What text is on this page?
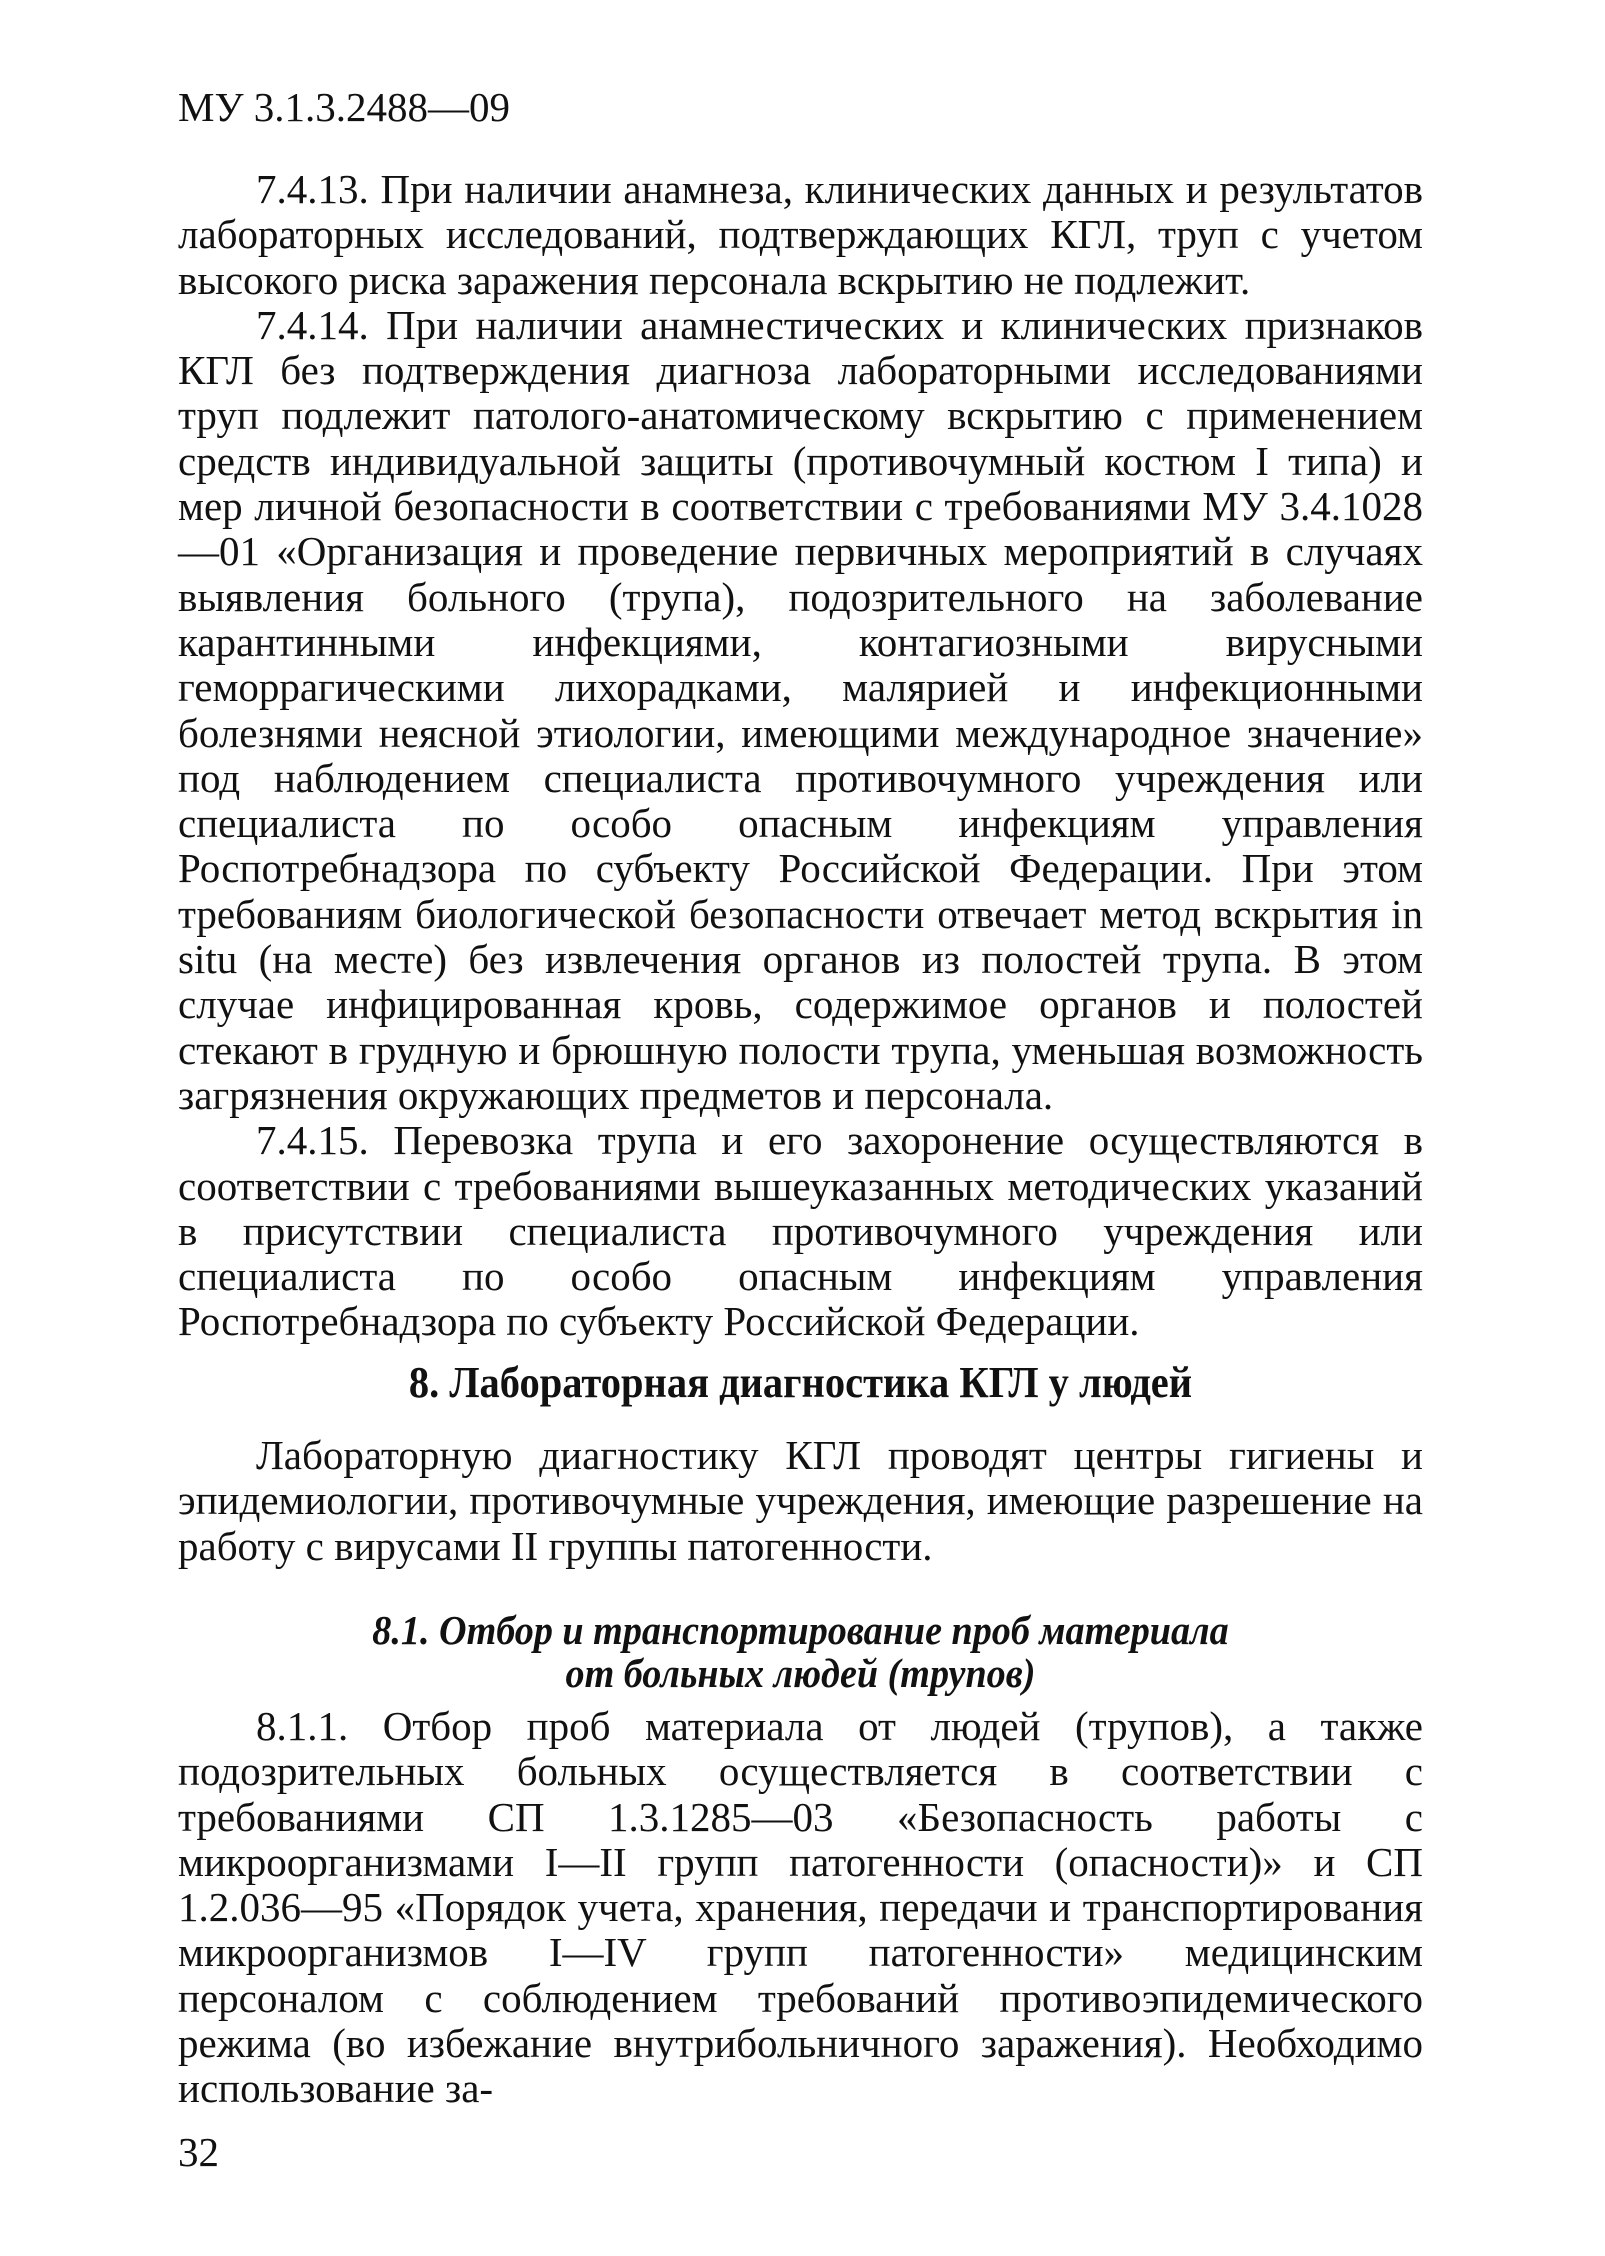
МУ 3.1.3.2488—09

7.4.13. При наличии анамнеза, клинических данных и результатов лабораторных исследований, подтверждающих КГЛ, труп с учетом высокого риска заражения персонала вскрытию не подлежит.

7.4.14. При наличии анамнестических и клинических признаков КГЛ без подтверждения диагноза лабораторными исследованиями труп подлежит патолого-анатомическому вскрытию с применением средств индивидуальной защиты (противочумный костюм I типа) и мер личной безопасности в соответствии с требованиями МУ 3.4.1028—01 «Организация и проведение первичных мероприятий в случаях выявления больного (трупа), подозрительного на заболевание карантинными инфекциями, контагиозными вирусными геморрагическими лихорадками, малярией и инфекционными болезнями неясной этиологии, имеющими международное значение» под наблюдением специалиста противочумного учреждения или специалиста по особо опасным инфекциям управления Роспотребнадзора по субъекту Российской Федерации. При этом требованиям биологической безопасности отвечает метод вскрытия in situ (на месте) без извлечения органов из полостей трупа. В этом случае инфицированная кровь, содержимое органов и полостей стекают в грудную и брюшную полости трупа, уменьшая возможность загрязнения окружающих предметов и персонала.

7.4.15. Перевозка трупа и его захоронение осуществляются в соответствии с требованиями вышеуказанных методических указаний в присутствии специалиста противочумного учреждения или специалиста по особо опасным инфекциям управления Роспотребнадзора по субъекту Российской Федерации.

8. Лабораторная диагностика КГЛ у людей

Лабораторную диагностику КГЛ проводят центры гигиены и эпидемиологии, противочумные учреждения, имеющие разрешение на работу с вирусами II группы патогенности.

8.1. Отбор и транспортирование проб материала
от больных людей (трупов)

8.1.1. Отбор проб материала от людей (трупов), а также подозрительных больных осуществляется в соответствии с требованиями СП 1.3.1285—03 «Безопасность работы с микроорганизмами I—II групп патогенности (опасности)» и СП 1.2.036—95 «Порядок учета, хранения, передачи и транспортирования микроорганизмов I—IV групп патогенности» медицинским персоналом с соблюдением требований противоэпидемического режима (во избежание внутрибольничного заражения). Необходимо использование за-

32
